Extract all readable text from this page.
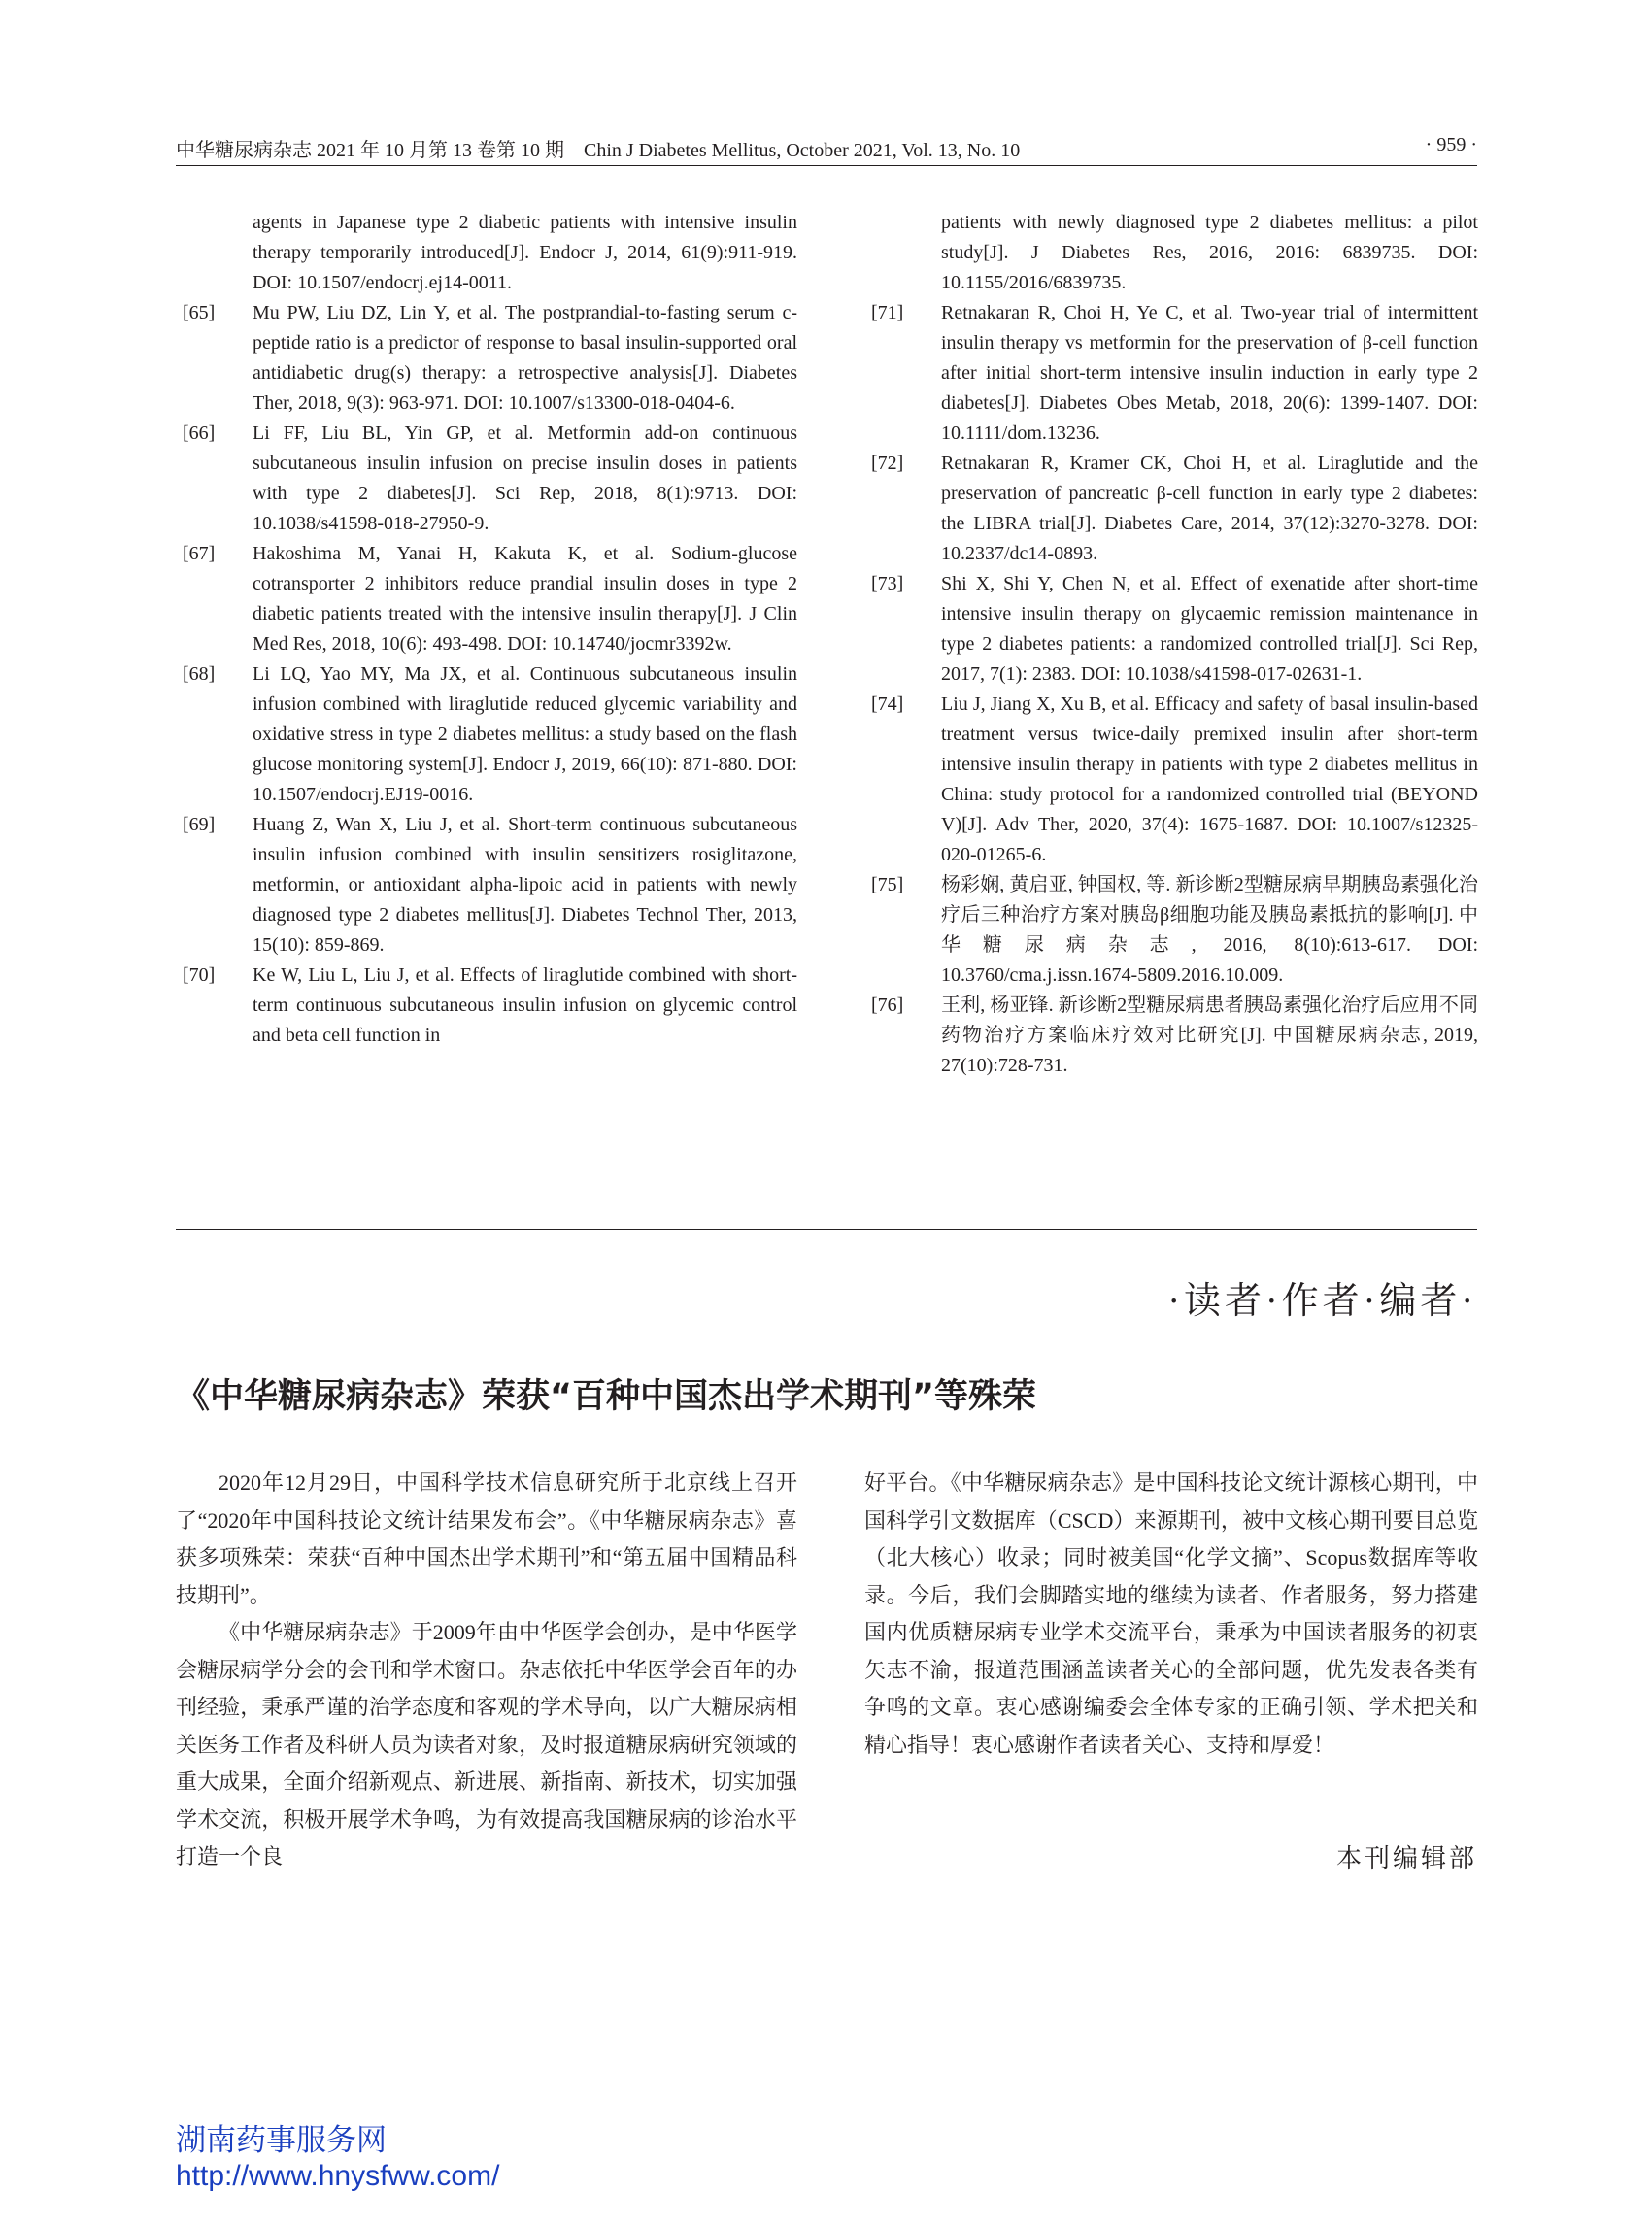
中华糖尿病杂志 2021 年 10 月第 13 卷第 10 期　Chin J Diabetes Mellitus, October 2021, Vol. 13, No. 10	· 959 ·
agents in Japanese type 2 diabetic patients with intensive insulin therapy temporarily introduced[J]. Endocr J, 2014, 61(9):911-919. DOI: 10.1507/endocrj.ej14-0011.
[65] Mu PW, Liu DZ, Lin Y, et al. The postprandial-to-fasting serum c-peptide ratio is a predictor of response to basal insulin-supported oral antidiabetic drug(s) therapy: a retrospective analysis[J]. Diabetes Ther, 2018, 9(3): 963-971. DOI: 10.1007/s13300-018-0404-6.
[66] Li FF, Liu BL, Yin GP, et al. Metformin add-on continuous subcutaneous insulin infusion on precise insulin doses in patients with type 2 diabetes[J]. Sci Rep, 2018, 8(1):9713. DOI: 10.1038/s41598-018-27950-9.
[67] Hakoshima M, Yanai H, Kakuta K, et al. Sodium-glucose cotransporter 2 inhibitors reduce prandial insulin doses in type 2 diabetic patients treated with the intensive insulin therapy[J]. J Clin Med Res, 2018, 10(6): 493-498. DOI: 10.14740/jocmr3392w.
[68] Li LQ, Yao MY, Ma JX, et al. Continuous subcutaneous insulin infusion combined with liraglutide reduced glycemic variability and oxidative stress in type 2 diabetes mellitus: a study based on the flash glucose monitoring system[J]. Endocr J, 2019, 66(10): 871-880. DOI: 10.1507/endocrj.EJ19-0016.
[69] Huang Z, Wan X, Liu J, et al. Short-term continuous subcutaneous insulin infusion combined with insulin sensitizers rosiglitazone, metformin, or antioxidant alpha-lipoic acid in patients with newly diagnosed type 2 diabetes mellitus[J]. Diabetes Technol Ther, 2013, 15(10): 859-869.
[70] Ke W, Liu L, Liu J, et al. Effects of liraglutide combined with short-term continuous subcutaneous insulin infusion on glycemic control and beta cell function in
patients with newly diagnosed type 2 diabetes mellitus: a pilot study[J]. J Diabetes Res, 2016, 2016: 6839735. DOI: 10.1155/2016/6839735.
[71] Retnakaran R, Choi H, Ye C, et al. Two-year trial of intermittent insulin therapy vs metformin for the preservation of β-cell function after initial short-term intensive insulin induction in early type 2 diabetes[J]. Diabetes Obes Metab, 2018, 20(6): 1399-1407. DOI: 10.1111/dom.13236.
[72] Retnakaran R, Kramer CK, Choi H, et al. Liraglutide and the preservation of pancreatic β-cell function in early type 2 diabetes: the LIBRA trial[J]. Diabetes Care, 2014, 37(12):3270-3278. DOI: 10.2337/dc14-0893.
[73] Shi X, Shi Y, Chen N, et al. Effect of exenatide after short-time intensive insulin therapy on glycaemic remission maintenance in type 2 diabetes patients: a randomized controlled trial[J]. Sci Rep, 2017, 7(1): 2383. DOI: 10.1038/s41598-017-02631-1.
[74] Liu J, Jiang X, Xu B, et al. Efficacy and safety of basal insulin-based treatment versus twice-daily premixed insulin after short-term intensive insulin therapy in patients with type 2 diabetes mellitus in China: study protocol for a randomized controlled trial (BEYOND V)[J]. Adv Ther, 2020, 37(4): 1675-1687. DOI: 10.1007/s12325-020-01265-6.
[75] 杨彩娴, 黄启亚, 钟国权, 等. 新诊断2型糖尿病早期胰岛素强化治疗后三种治疗方案对胰岛β细胞功能及胰岛素抵抗的影响[J]. 中华糖尿病杂志, 2016, 8(10):613-617. DOI: 10.3760/cma.j.issn.1674-5809.2016.10.009.
[76] 王利, 杨亚锋. 新诊断2型糖尿病患者胰岛素强化治疗后应用不同药物治疗方案临床疗效对比研究[J]. 中国糖尿病杂志, 2019, 27(10):728-731.
·读者·作者·编者·
《中华糖尿病杂志》荣获“百种中国杰出学术期刊”等殊荣

2020年12月29日，中国科学技术信息研究所于北京线上召开了“2020年中国科技论文统计结果发布会”。《中华糖尿病杂志》喜获多项殊荣：荣获“百种中国杰出学术期刊”和“第五届中国精品科技期刊”。

《中华糖尿病杂志》于2009年由中华医学会创办，是中华医学会糖尿病学分会的会刊和学术窗口。杂志依托中华医学会百年的办刊经验，秉承严谨的治学态度和客观的学术导向，以广大糖尿病相关医务工作者及科研人员为读者对象，及时报道糖尿病研究领域的重大成果，全面介绍新观点、新进展、新指南、新技术，切实加强学术交流，积极开展学术争鸣，为有效提高我国糖尿病的诊治水平打造一个良

好平台。《中华糖尿病杂志》是中国科技论文统计源核心期刊，中国科学引文数据库（CSCD）来源期刊，被中文核心期刊要目总览（北大核心）收录；同时被美国“化学文摘”、Scopus数据库等收录。今后，我们会脚踏实地的继续为读者、作者服务，努力搭建国内优质糖尿病专业学术交流平台，秉承为中国读者服务的初衷矢志不渝，报道范围涵盖读者关心的全部问题，优先发表各类有争鸣的文章。衷心感谢编委会全体专家的正确引领、学术把关和精心指导！衷心感谢作者读者关心、支持和厚爱！

本刊编辑部
湖南药事服务网
http://www.hnysfww.com/
